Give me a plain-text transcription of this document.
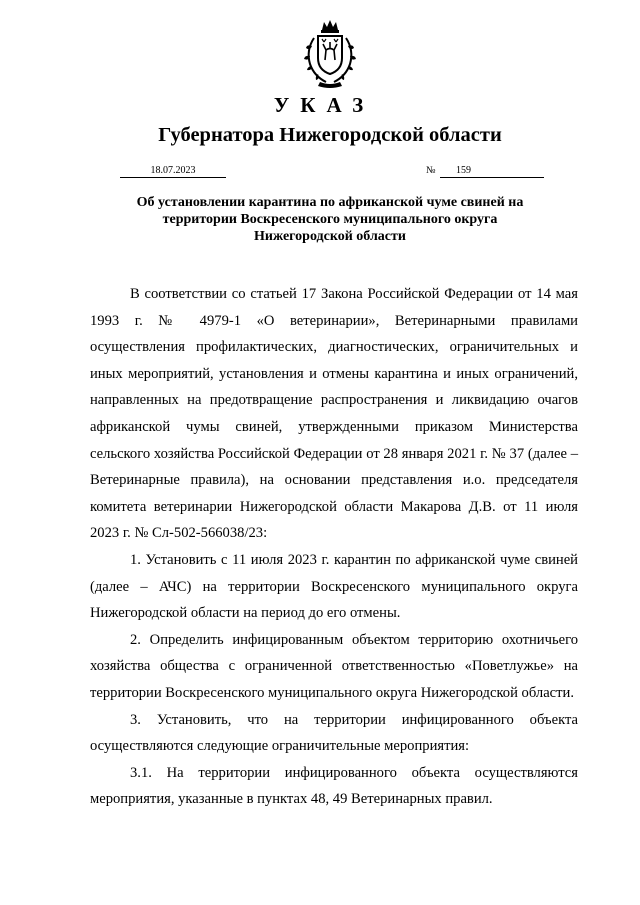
УКАЗ
Губернатора Нижегородской области
18.07.2023	№	159
Об установлении карантина по африканской чуме свиней на территории Воскресенского муниципального округа Нижегородской области

В соответствии со статьей 17 Закона Российской Федерации от 14 мая 1993 г. № 4979-1 «О ветеринарии», Ветеринарными правилами осуществления профилактических, диагностических, ограничительных и иных мероприятий, установления и отмены карантина и иных ограничений, направленных на предотвращение распространения и ликвидацию очагов африканской чумы свиней, утвержденными приказом Министерства сельского хозяйства Российской Федерации от 28 января 2021 г. № 37 (далее – Ветеринарные правила), на основании представления и.о. председателя комитета ветеринарии Нижегородской области Макарова Д.В. от 11 июля 2023 г. № Сл-502-566038/23:

1. Установить с 11 июля 2023 г. карантин по африканской чуме свиней (далее – АЧС) на территории Воскресенского муниципального округа Нижегородской области на период до его отмены.

2. Определить инфицированным объектом территорию охотничьего хозяйства общества с ограниченной ответственностью «Поветлужье» на территории Воскресенского муниципального округа Нижегородской области.

3. Установить, что на территории инфицированного объекта осуществляются следующие ограничительные мероприятия:

3.1. На территории инфицированного объекта осуществляются мероприятия, указанные в пунктах 48, 49 Ветеринарных правил.
